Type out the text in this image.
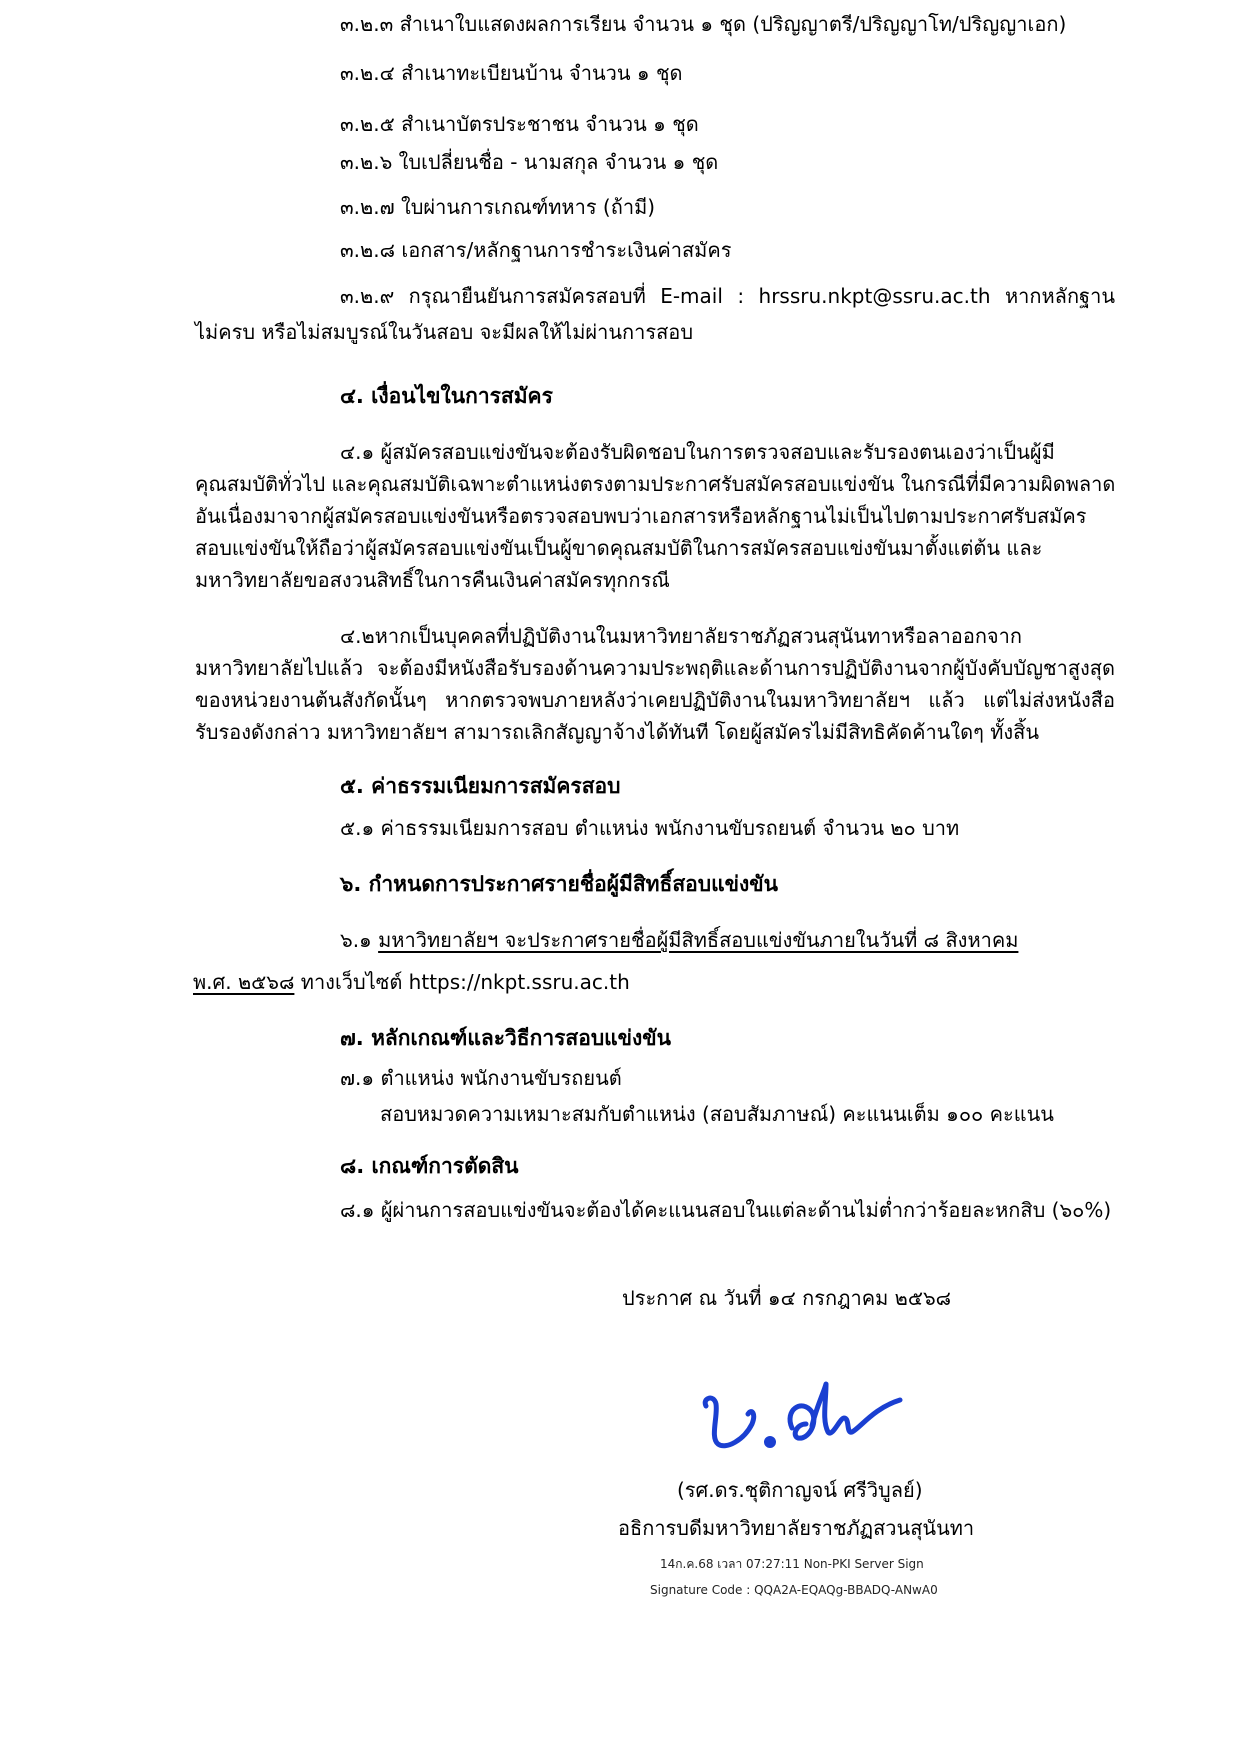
๓.๒.๓ สำเนาใบแสดงผลการเรียน จำนวน ๑ ชุด (ปริญญาตรี/ปริญญาโท/ปริญญาเอก)
๓.๒.๔ สำเนาทะเบียนบ้าน จำนวน ๑ ชุด
๓.๒.๕ สำเนาบัตรประชาชน จำนวน ๑ ชุด
๓.๒.๖ ใบเปลี่ยนชื่อ - นามสกุล จำนวน ๑ ชุด
๓.๒.๗ ใบผ่านการเกณฑ์ทหาร (ถ้ามี)
๓.๒.๘ เอกสาร/หลักฐานการชำระเงินค่าสมัคร
๓.๒.๙ กรุณายืนยันการสมัครสอบที่ E-mail : hrssru.nkpt@ssru.ac.th หากหลักฐาน
ไม่ครบ หรือไม่สมบูรณ์ในวันสอบ จะมีผลให้ไม่ผ่านการสอบ
๔. เงื่อนไขในการสมัคร
๔.๑ ผู้สมัครสอบแข่งขันจะต้องรับผิดชอบในการตรวจสอบและรับรองตนเองว่าเป็นผู้มี
คุณสมบัติทั่วไป และคุณสมบัติเฉพาะตำแหน่งตรงตามประกาศรับสมัครสอบแข่งขัน ในกรณีที่มีความผิดพลาด
อันเนื่องมาจากผู้สมัครสอบแข่งขันหรือตรวจสอบพบว่าเอกสารหรือหลักฐานไม่เป็นไปตามประกาศรับสมัคร
สอบแข่งขันให้ถือว่าผู้สมัครสอบแข่งขันเป็นผู้ขาดคุณสมบัติในการสมัครสอบแข่งขันมาตั้งแต่ต้น และ
มหาวิทยาลัยขอสงวนสิทธิ์ในการคืนเงินค่าสมัครทุกกรณี
๔.๒หากเป็นบุคคลที่ปฏิบัติงานในมหาวิทยาลัยราชภัฏสวนสุนันทาหรือลาออกจาก
มหาวิทยาลัยไปแล้ว จะต้องมีหนังสือรับรองด้านความประพฤติและด้านการปฏิบัติงานจากผู้บังคับบัญชาสูงสุด
ของหน่วยงานต้นสังกัดนั้นๆ หากตรวจพบภายหลังว่าเคยปฏิบัติงานในมหาวิทยาลัยฯ แล้ว แต่ไม่ส่งหนังสือ
รับรองดังกล่าว มหาวิทยาลัยฯ สามารถเลิกสัญญาจ้างได้ทันที โดยผู้สมัครไม่มีสิทธิคัดค้านใดๆ ทั้งสิ้น
๕. ค่าธรรมเนียมการสมัครสอบ
๕.๑ ค่าธรรมเนียมการสอบ ตำแหน่ง พนักงานขับรถยนต์ จำนวน ๒๐ บาท
๖. กำหนดการประกาศรายชื่อผู้มีสิทธิ์สอบแข่งขัน
๖.๑ มหาวิทยาลัยฯ จะประกาศรายชื่อผู้มีสิทธิ์สอบแข่งขันภายในวันที่ ๘ สิงหาคม
พ.ศ. ๒๕๖๘ ทางเว็บไซต์ https://nkpt.ssru.ac.th
๗. หลักเกณฑ์และวิธีการสอบแข่งขัน
๗.๑ ตำแหน่ง พนักงานขับรถยนต์
สอบหมวดความเหมาะสมกับตำแหน่ง (สอบสัมภาษณ์) คะแนนเต็ม ๑๐๐ คะแนน
๘. เกณฑ์การตัดสิน
๘.๑ ผู้ผ่านการสอบแข่งขันจะต้องได้คะแนนสอบในแต่ละด้านไม่ต่ำกว่าร้อยละหกสิบ (๖๐%)
ประกาศ ณ วันที่ ๑๔ กรกฎาคม ๒๕๖๘
(รศ.ดร.ชุติกาญจน์ ศรีวิบูลย์)
อธิการบดีมหาวิทยาลัยราชภัฏสวนสุนันทา
14ก.ค.68 เวลา 07:27:11 Non-PKI Server Sign
Signature Code : QQA2A-EQAQg-BBADQ-ANwA0
